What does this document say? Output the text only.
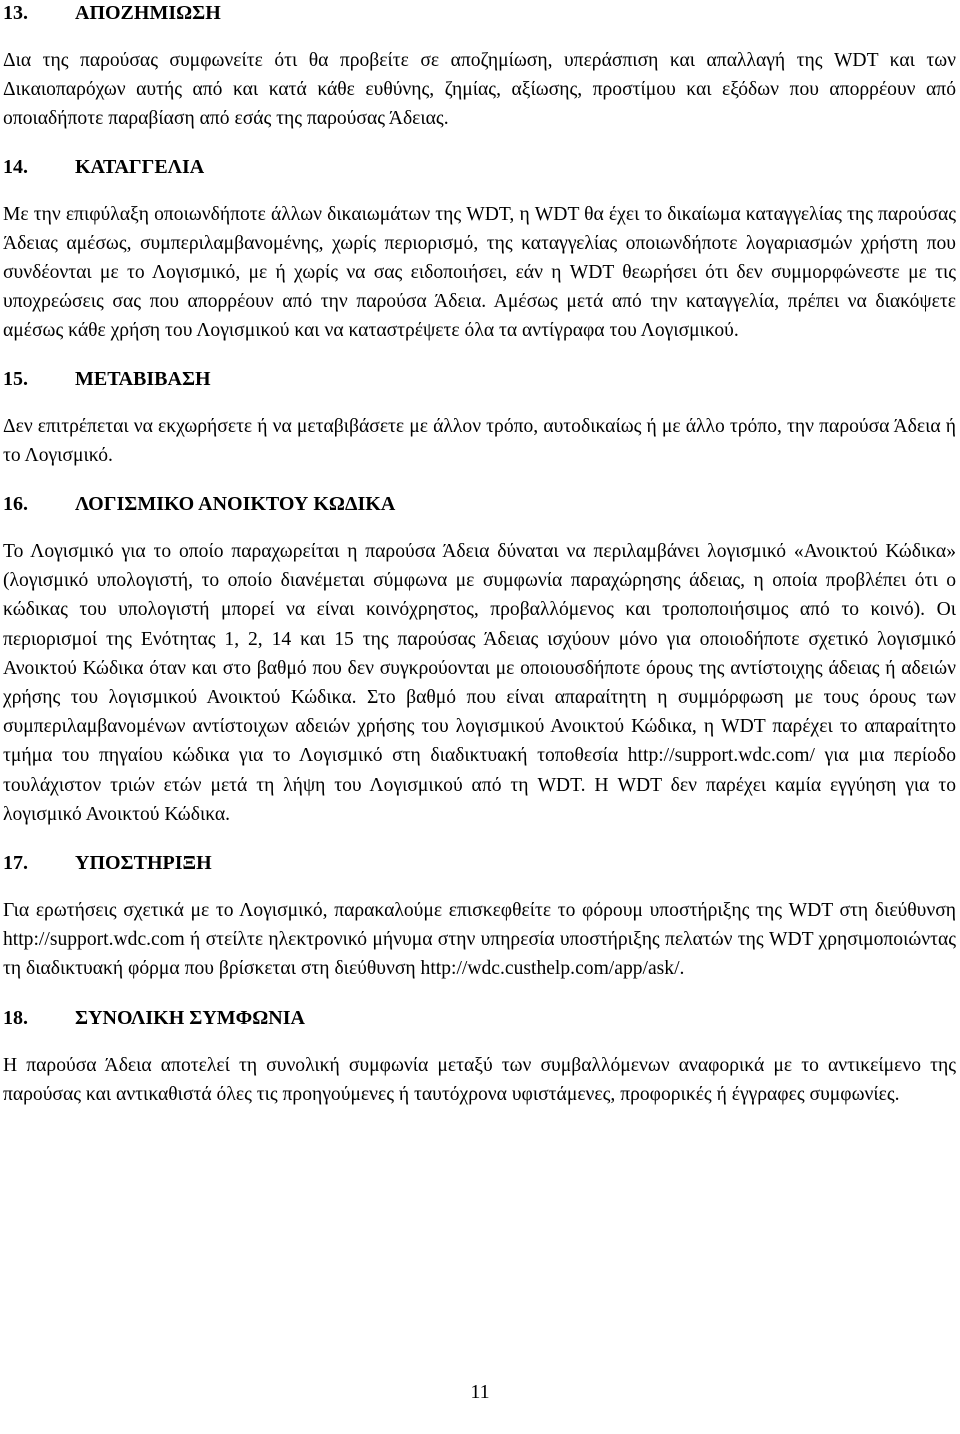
13. ΑΠΟΖΗΜΙΩΣΗ

Δια της παρούσας συμφωνείτε ότι θα προβείτε σε αποζημίωση, υπεράσπιση και απαλλαγή της WDT και των Δικαιοπαρόχων αυτής από και κατά κάθε ευθύνης, ζημίας, αξίωσης, προστίμου και εξόδων που απορρέουν από οποιαδήποτε παραβίαση από εσάς της παρούσας Άδειας.

14. ΚΑΤΑΓΓΕΛΙΑ

Με την επιφύλαξη οποιωνδήποτε άλλων δικαιωμάτων της WDT, η WDT θα έχει το δικαίωμα καταγγελίας της παρούσας Άδειας αμέσως, συμπεριλαμβανομένης, χωρίς περιορισμό, της καταγγελίας οποιωνδήποτε λογαριασμών χρήστη που συνδέονται με το Λογισμικό, με ή χωρίς να σας ειδοποιήσει, εάν η WDT θεωρήσει ότι δεν συμμορφώνεστε με τις υποχρεώσεις σας που απορρέουν από την παρούσα Άδεια. Αμέσως μετά από την καταγγελία, πρέπει να διακόψετε αμέσως κάθε χρήση του Λογισμικού και να καταστρέψετε όλα τα αντίγραφα του Λογισμικού.

15. ΜΕΤΑΒΙΒΑΣΗ

Δεν επιτρέπεται να εκχωρήσετε ή να μεταβιβάσετε με άλλον τρόπο, αυτοδικαίως ή με άλλο τρόπο, την παρούσα Άδεια ή το Λογισμικό.

16. ΛΟΓΙΣΜΙΚΟ ΑΝΟΙΚΤΟΥ ΚΩΔΙΚΑ

Το Λογισμικό για το οποίο παραχωρείται η παρούσα Άδεια δύναται να περιλαμβάνει λογισμικό «Ανοικτού Κώδικα» (λογισμικό υπολογιστή, το οποίο διανέμεται σύμφωνα με συμφωνία παραχώρησης άδειας, η οποία προβλέπει ότι ο κώδικας του υπολογιστή μπορεί να είναι κοινόχρηστος, προβαλλόμενος και τροποποιήσιμος από το κοινό). Οι περιορισμοί της Ενότητας 1, 2, 14 και 15 της παρούσας Άδειας ισχύουν μόνο για οποιοδήποτε σχετικό λογισμικό Ανοικτού Κώδικα όταν και στο βαθμό που δεν συγκρούονται με οποιουσδήποτε όρους της αντίστοιχης άδειας ή αδειών χρήσης του λογισμικού Ανοικτού Κώδικα. Στο βαθμό που είναι απαραίτητη η συμμόρφωση με τους όρους των συμπεριλαμβανομένων αντίστοιχων αδειών χρήσης του λογισμικού Ανοικτού Κώδικα, η WDT παρέχει το απαραίτητο τμήμα του πηγαίου κώδικα για το Λογισμικό στη διαδικτυακή τοποθεσία http://support.wdc.com/ για μια περίοδο τουλάχιστον τριών ετών μετά τη λήψη του Λογισμικού από τη WDT. Η WDT δεν παρέχει καμία εγγύηση για το λογισμικό Ανοικτού Κώδικα.

17. ΥΠΟΣΤΗΡΙΞΗ

Για ερωτήσεις σχετικά με το Λογισμικό, παρακαλούμε επισκεφθείτε το φόρουμ υποστήριξης της WDT στη διεύθυνση http://support.wdc.com ή στείλτε ηλεκτρονικό μήνυμα στην υπηρεσία υποστήριξης πελατών της WDT χρησιμοποιώντας τη διαδικτυακή φόρμα που βρίσκεται στη διεύθυνση http://wdc.custhelp.com/app/ask/.

18. ΣΥΝΟΛΙΚΗ ΣΥΜΦΩΝΙΑ

Η παρούσα Άδεια αποτελεί τη συνολική συμφωνία μεταξύ των συμβαλλόμενων αναφορικά με το αντικείμενο της παρούσας και αντικαθιστά όλες τις προηγούμενες ή ταυτόχρονα υφιστάμενες, προφορικές ή έγγραφες συμφωνίες.

11
